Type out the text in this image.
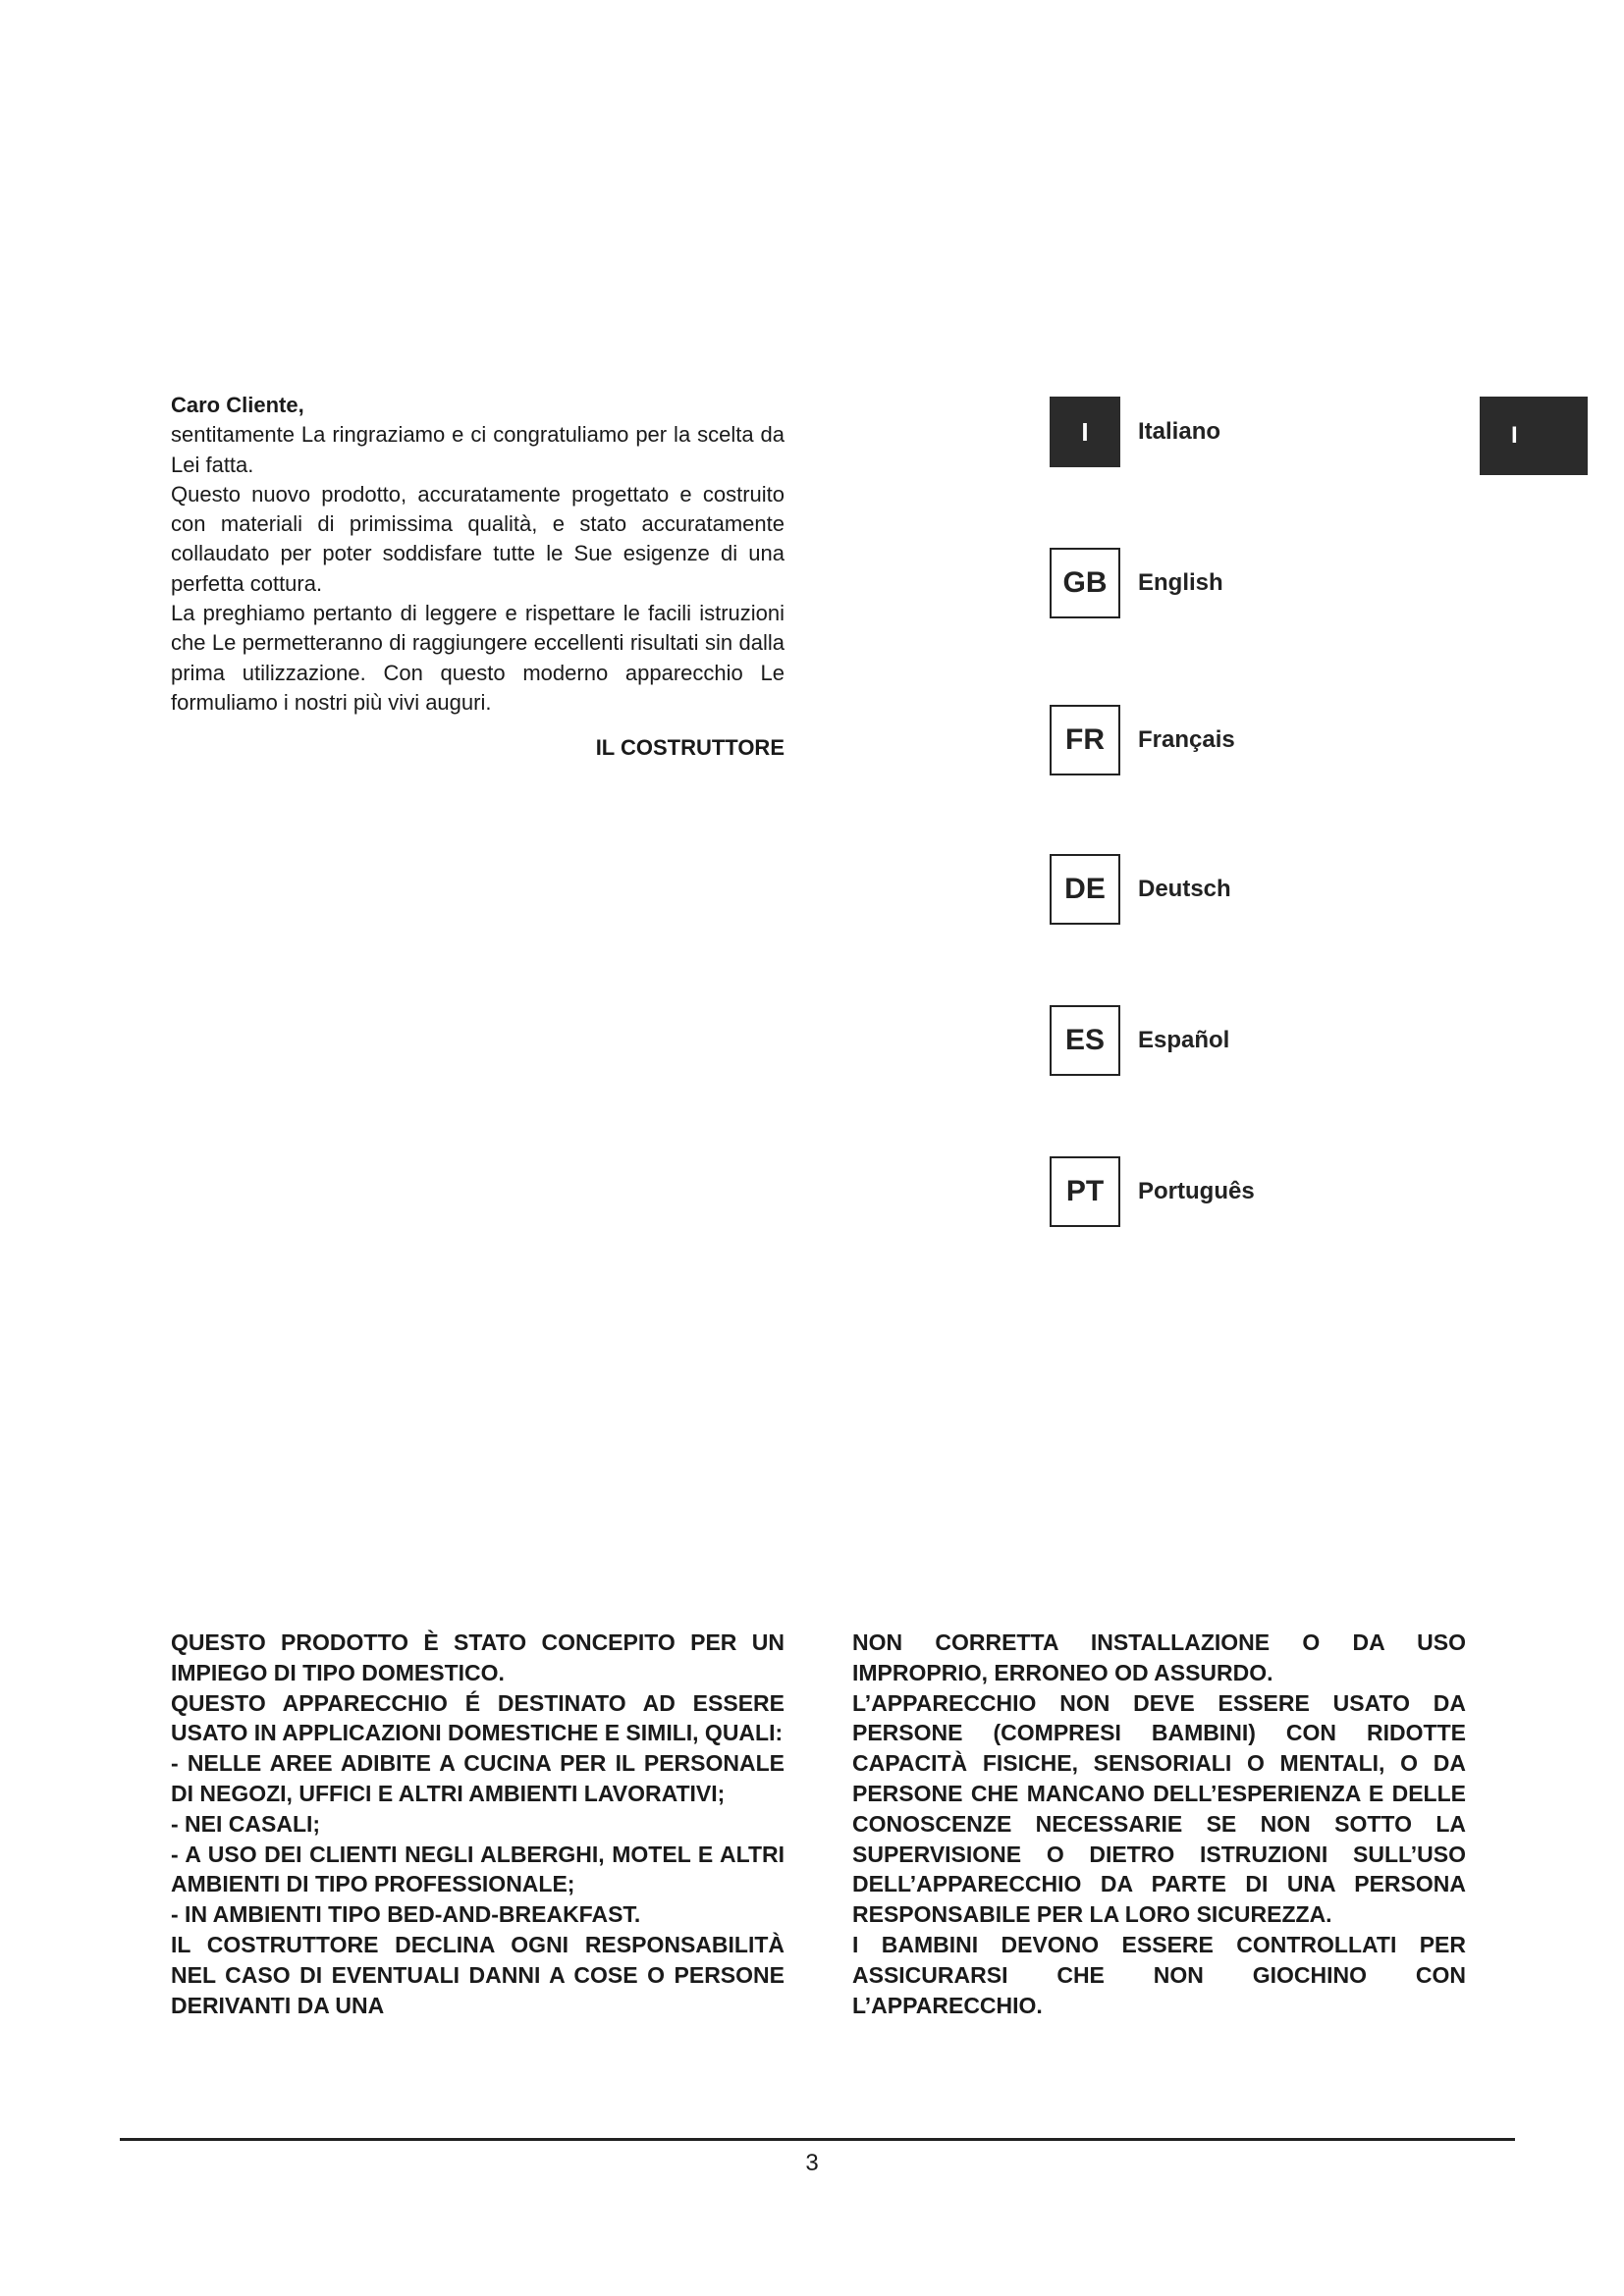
Caro Cliente,

sentitamente La ringraziamo e ci congratuliamo per la scelta da Lei fatta.

Questo nuovo prodotto, accuratamente progettato e costruito con materiali di primissima qualità, e stato accuratamente collaudato per poter soddisfare tutte le Sue esigenze di una perfetta cottura.

La preghiamo pertanto di leggere e rispettare le facili istruzioni che Le permetteranno di raggiungere eccellenti risultati sin dalla prima utilizzazione. Con questo moderno apparecchio Le formuliamo i nostri più vivi auguri.

IL COSTRUTTORE

I	Italiano
GB	English
FR	Français
DE	Deutsch
ES	Español
PT	Português
I

QUESTO PRODOTTO È STATO CONCEPITO PER UN IMPIEGO DI TIPO DOMESTICO.

QUESTO APPARECCHIO É DESTINATO AD ESSERE USATO IN APPLICAZIONI DOMESTICHE E SIMILI, QUALI:

- NELLE AREE ADIBITE A CUCINA PER IL PERSONALE DI NEGOZI, UFFICI E ALTRI AMBIENTI LAVORATIVI;

- NEI CASALI;

- A USO DEI CLIENTI NEGLI ALBERGHI, MOTEL E ALTRI AMBIENTI DI TIPO PROFESSIONALE;

- IN AMBIENTI TIPO BED-AND-BREAKFAST.

IL COSTRUTTORE DECLINA OGNI RESPONSABILITÀ NEL CASO DI EVENTUALI DANNI A COSE O PERSONE DERIVANTI DA UNA

NON CORRETTA INSTALLAZIONE O DA USO IMPROPRIO, ERRONEO OD ASSURDO.

L’APPARECCHIO NON DEVE ESSERE USATO DA PERSONE (COMPRESI BAMBINI) CON RIDOTTE CAPACITÀ FISICHE, SENSORIALI O MENTALI, O DA PERSONE CHE MANCANO DELL’ESPERIENZA E DELLE CONOSCENZE NECESSARIE SE NON SOTTO LA SUPERVISIONE O DIETRO ISTRUZIONI SULL’USO DELL’APPARECCHIO DA PARTE DI UNA PERSONA RESPONSABILE PER LA LORO SICUREZZA.

I BAMBINI DEVONO ESSERE CONTROLLATI PER ASSICURARSI CHE NON GIOCHINO CON L’APPARECCHIO.

3
